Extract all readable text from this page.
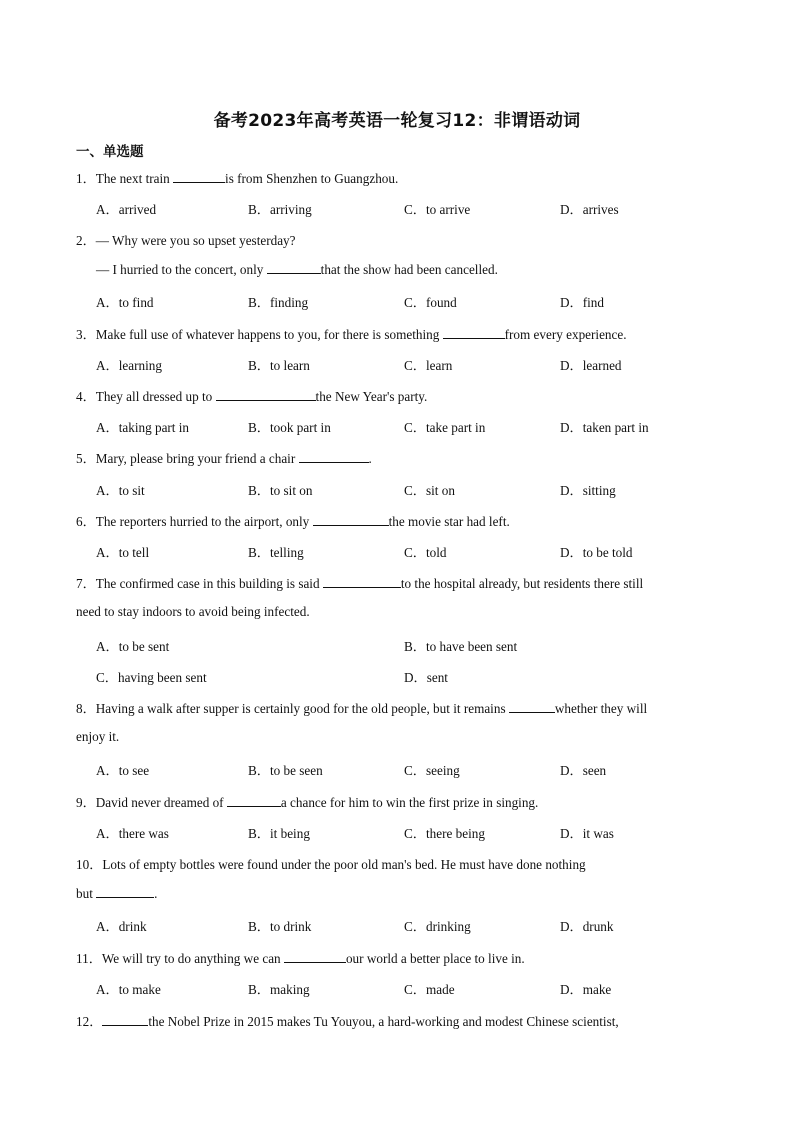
备考2023年高考英语一轮复习12：非谓语动词
一、单选题
1．The next train	is from Shenzhen to Guangzhou.
A．arrived	B．arriving	C．to arrive	D．arrives
2．— Why were you so upset yesterday?
— I hurried to the concert, only	that the show had been cancelled.
A．to find	B．finding	C．found	D．find
3．Make full use of whatever happens to you, for there is something	from every experience.
A．learning	B．to learn	C．learn	D．learned
4．They all dressed up to	the New Year's party.
A．taking part in	B．took part in	C．take part in	D．taken part in
5．Mary, please bring your friend a chair	.
A．to sit	B．to sit on	C．sit on	D．sitting
6．The reporters hurried to the airport, only	the movie star had left.
A．to tell	B．telling	C．told	D．to be told
7．The confirmed case in this building is said	to the hospital already, but residents there still
need to stay indoors to avoid being infected.
A．to be sent	B．to have been sent
C．having been sent	D．sent
8．Having a walk after supper is certainly good for the old people, but it remains	whether they will
enjoy it.
A．to see	B．to be seen	C．seeing	D．seen
9．David never dreamed of	a chance for him to win the first prize in singing.
A．there was	B．it being	C．there being	D．it was
10．Lots of empty bottles were found under the poor old man's bed. He must have done nothing
but	.
A．drink	B．to drink	C．drinking	D．drunk
11．We will try to do anything we can	our world a better place to live in.
A．to make	B．making	C．made	D．make
12．	the Nobel Prize in 2015 makes Tu Youyou, a hard-working and modest Chinese scientist,
